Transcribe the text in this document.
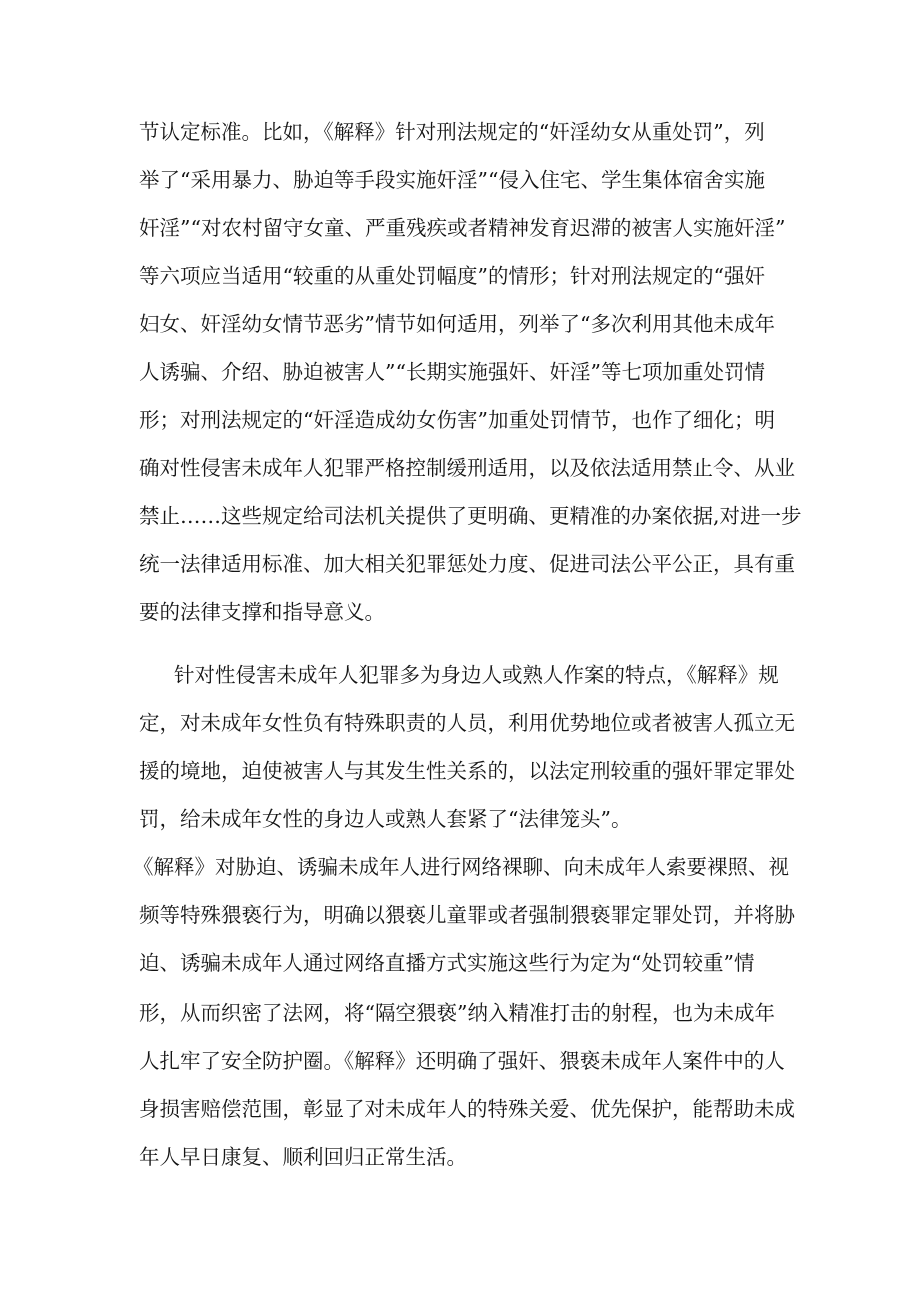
节认定标准。比如，《解释》针对刑法规定的“奸淫幼女从重处罚”，列
举了“采用暴力、胁迫等手段实施奸淫”“侵入住宅、学生集体宿舍实施
奸淫”“对农村留守女童、严重残疾或者精神发育迟滞的被害人实施奸淫”
等六项应当适用“较重的从重处罚幅度”的情形；针对刑法规定的“强奸
妇女、奸淫幼女情节恶劣”情节如何适用，列举了“多次利用其他未成年
人诱骗、介绍、胁迫被害人”“长期实施强奸、奸淫”等七项加重处罚情
形；对刑法规定的“奸淫造成幼女伤害”加重处罚情节，也作了细化；明
确对性侵害未成年人犯罪严格控制缓刑适用，以及依法适用禁止令、从业
禁止……这些规定给司法机关提供了更明确、更精准的办案依据,对进一步
统一法律适用标准、加大相关犯罪惩处力度、促进司法公平公正，具有重
要的法律支撑和指导意义。
针对性侵害未成年人犯罪多为身边人或熟人作案的特点，《解释》规
定，对未成年女性负有特殊职责的人员，利用优势地位或者被害人孤立无
援的境地，迫使被害人与其发生性关系的，以法定刑较重的强奸罪定罪处
罚，给未成年女性的身边人或熟人套紧了“法律笼头”。
《解释》对胁迫、诱骗未成年人进行网络裸聊、向未成年人索要裸照、视
频等特殊猥亵行为，明确以猥亵儿童罪或者强制猥亵罪定罪处罚，并将胁
迫、诱骗未成年人通过网络直播方式实施这些行为定为“处罚较重”情
形，从而织密了法网，将“隔空猥亵”纳入精准打击的射程，也为未成年
人扎牢了安全防护圈。《解释》还明确了强奸、猥亵未成年人案件中的人
身损害赔偿范围，彰显了对未成年人的特殊关爱、优先保护，能帮助未成
年人早日康复、顺利回归正常生活。
